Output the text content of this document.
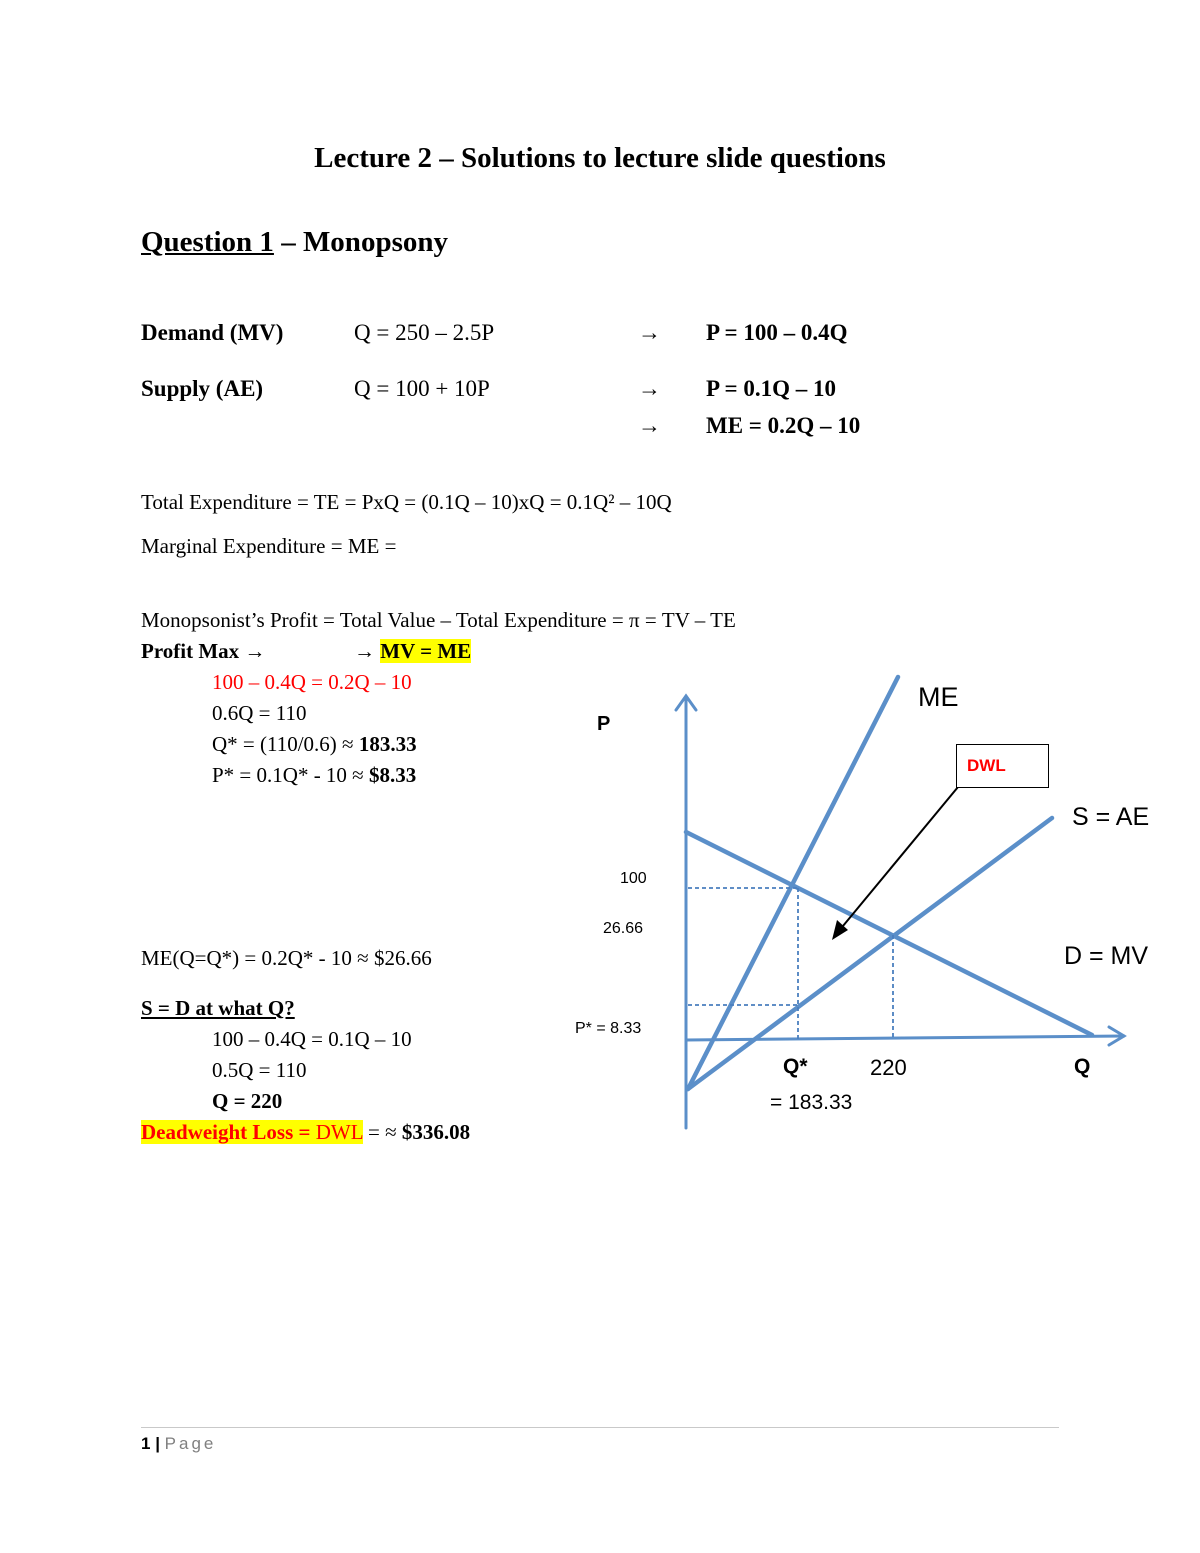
Lecture 2 – Solutions to lecture slide questions
Question 1 – Monopsony
Demand (MV)	Q = 250 – 2.5P	→ P = 100 – 0.4Q
Supply (AE)	Q = 100 + 10P	→ P = 0.1Q – 10
→ ME = 0.2Q – 10
Total Expenditure = TE = PxQ = (0.1Q – 10)xQ = 0.1Q² – 10Q
Marginal Expenditure = ME =
Monopsonist’s Profit = Total Value – Total Expenditure = π = TV – TE
Profit Max →	→ MV = ME
100 – 0.4Q = 0.2Q – 10
0.6Q = 110
Q* = (110/0.6) ≈ 183.33
P* = 0.1Q* - 10 ≈ $8.33
ME(Q=Q*) = 0.2Q* - 10 ≈ $26.66
S = D at what Q?
100 – 0.4Q = 0.1Q – 10
0.5Q = 110
Q = 220
Deadweight Loss = DWL = ≈ $336.08
DWL
P
ME
S = AE
D = MV
Q
100
26.66
P* = 8.33
Q*
= 183.33
220
1 | Page
